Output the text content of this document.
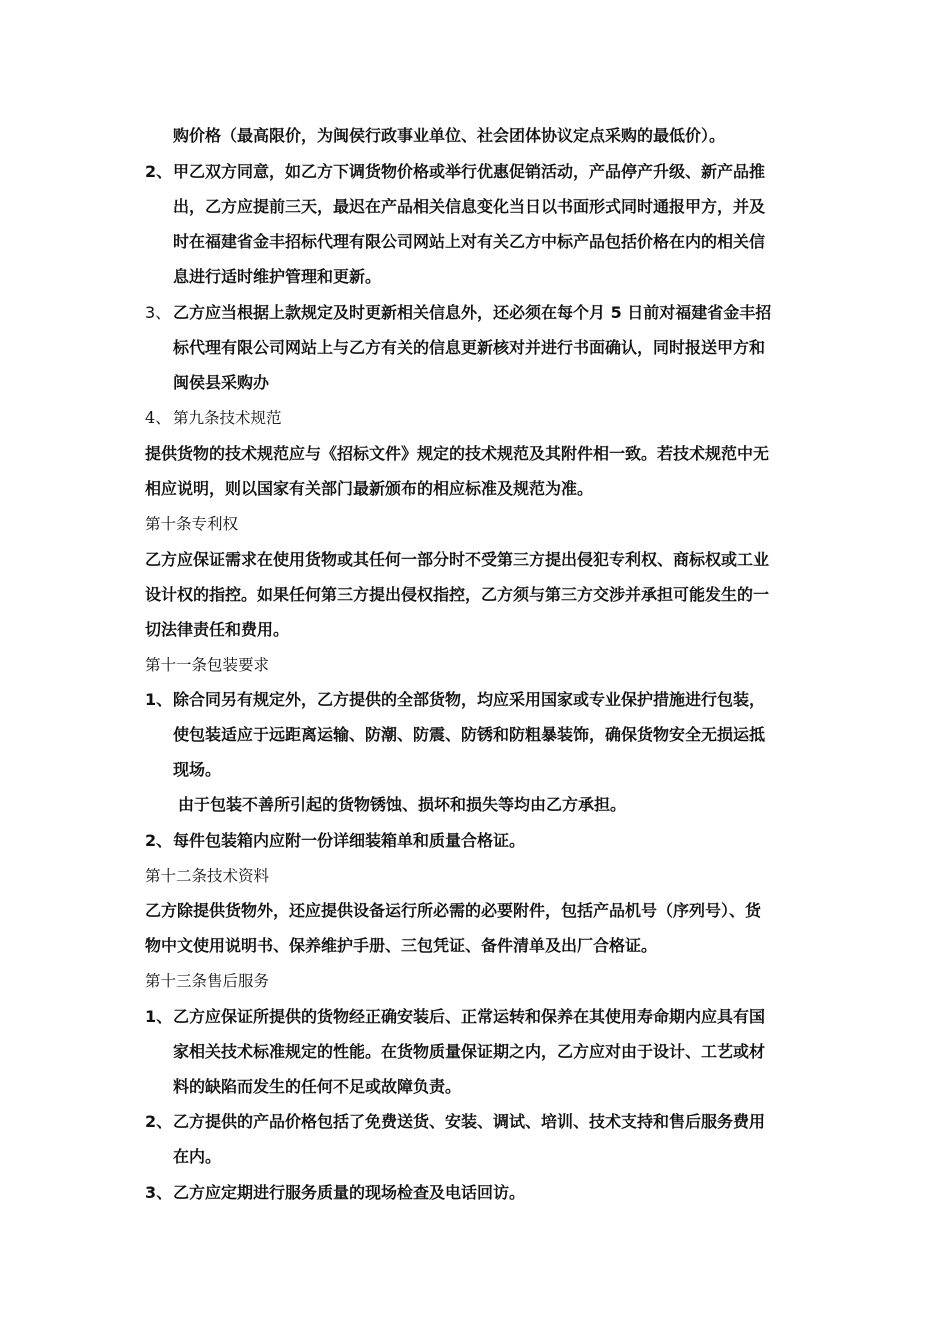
购价格（最高限价，为闽侯行政事业单位、社会团体协议定点采购的最低价）。
2、 甲乙双方同意，如乙方下调货物价格或举行优惠促销活动，产品停产升级、新产品推
出，乙方应提前三天，最迟在产品相关信息变化当日以书面形式同时通报甲方，并及
时在福建省金丰招标代理有限公司网站上对有关乙方中标产品包括价格在内的相关信
息进行适时维护管理和更新。
3、 乙方应当根据上款规定及时更新相关信息外，还必须在每个月 5 日前对福建省金丰招
标代理有限公司网站上与乙方有关的信息更新核对并进行书面确认，同时报送甲方和
闽侯县采购办
4、 第九条技术规范
提供货物的技术规范应与《招标文件》规定的技术规范及其附件相一致。若技术规范中无
相应说明，则以国家有关部门最新颁布的相应标准及规范为准。
第十条专利权
乙方应保证需求在使用货物或其任何一部分时不受第三方提出侵犯专利权、商标权或工业
设计权的指控。如果任何第三方提出侵权指控，乙方须与第三方交涉并承担可能发生的一
切法律责任和费用。
第十一条包装要求
1、 除合同另有规定外，乙方提供的全部货物，均应采用国家或专业保护措施进行包装，
使包装适应于远距离运输、防潮、防震、防锈和防粗暴装饰，确保货物安全无损运抵
现场。
由于包装不善所引起的货物锈蚀、损坏和损失等均由乙方承担。
2、 每件包装箱内应附一份详细装箱单和质量合格证。
第十二条技术资料
乙方除提供货物外，还应提供设备运行所必需的必要附件，包括产品机号（序列号）、货
物中文使用说明书、保养维护手册、三包凭证、备件清单及出厂合格证。
第十三条售后服务
1、 乙方应保证所提供的货物经正确安装后、正常运转和保养在其使用寿命期内应具有国
家相关技术标准规定的性能。在货物质量保证期之内，乙方应对由于设计、工艺或材
料的缺陷而发生的任何不足或故障负责。
2、 乙方提供的产品价格包括了免费送货、安装、调试、培训、技术支持和售后服务费用
在内。
3、 乙方应定期进行服务质量的现场检查及电话回访。
